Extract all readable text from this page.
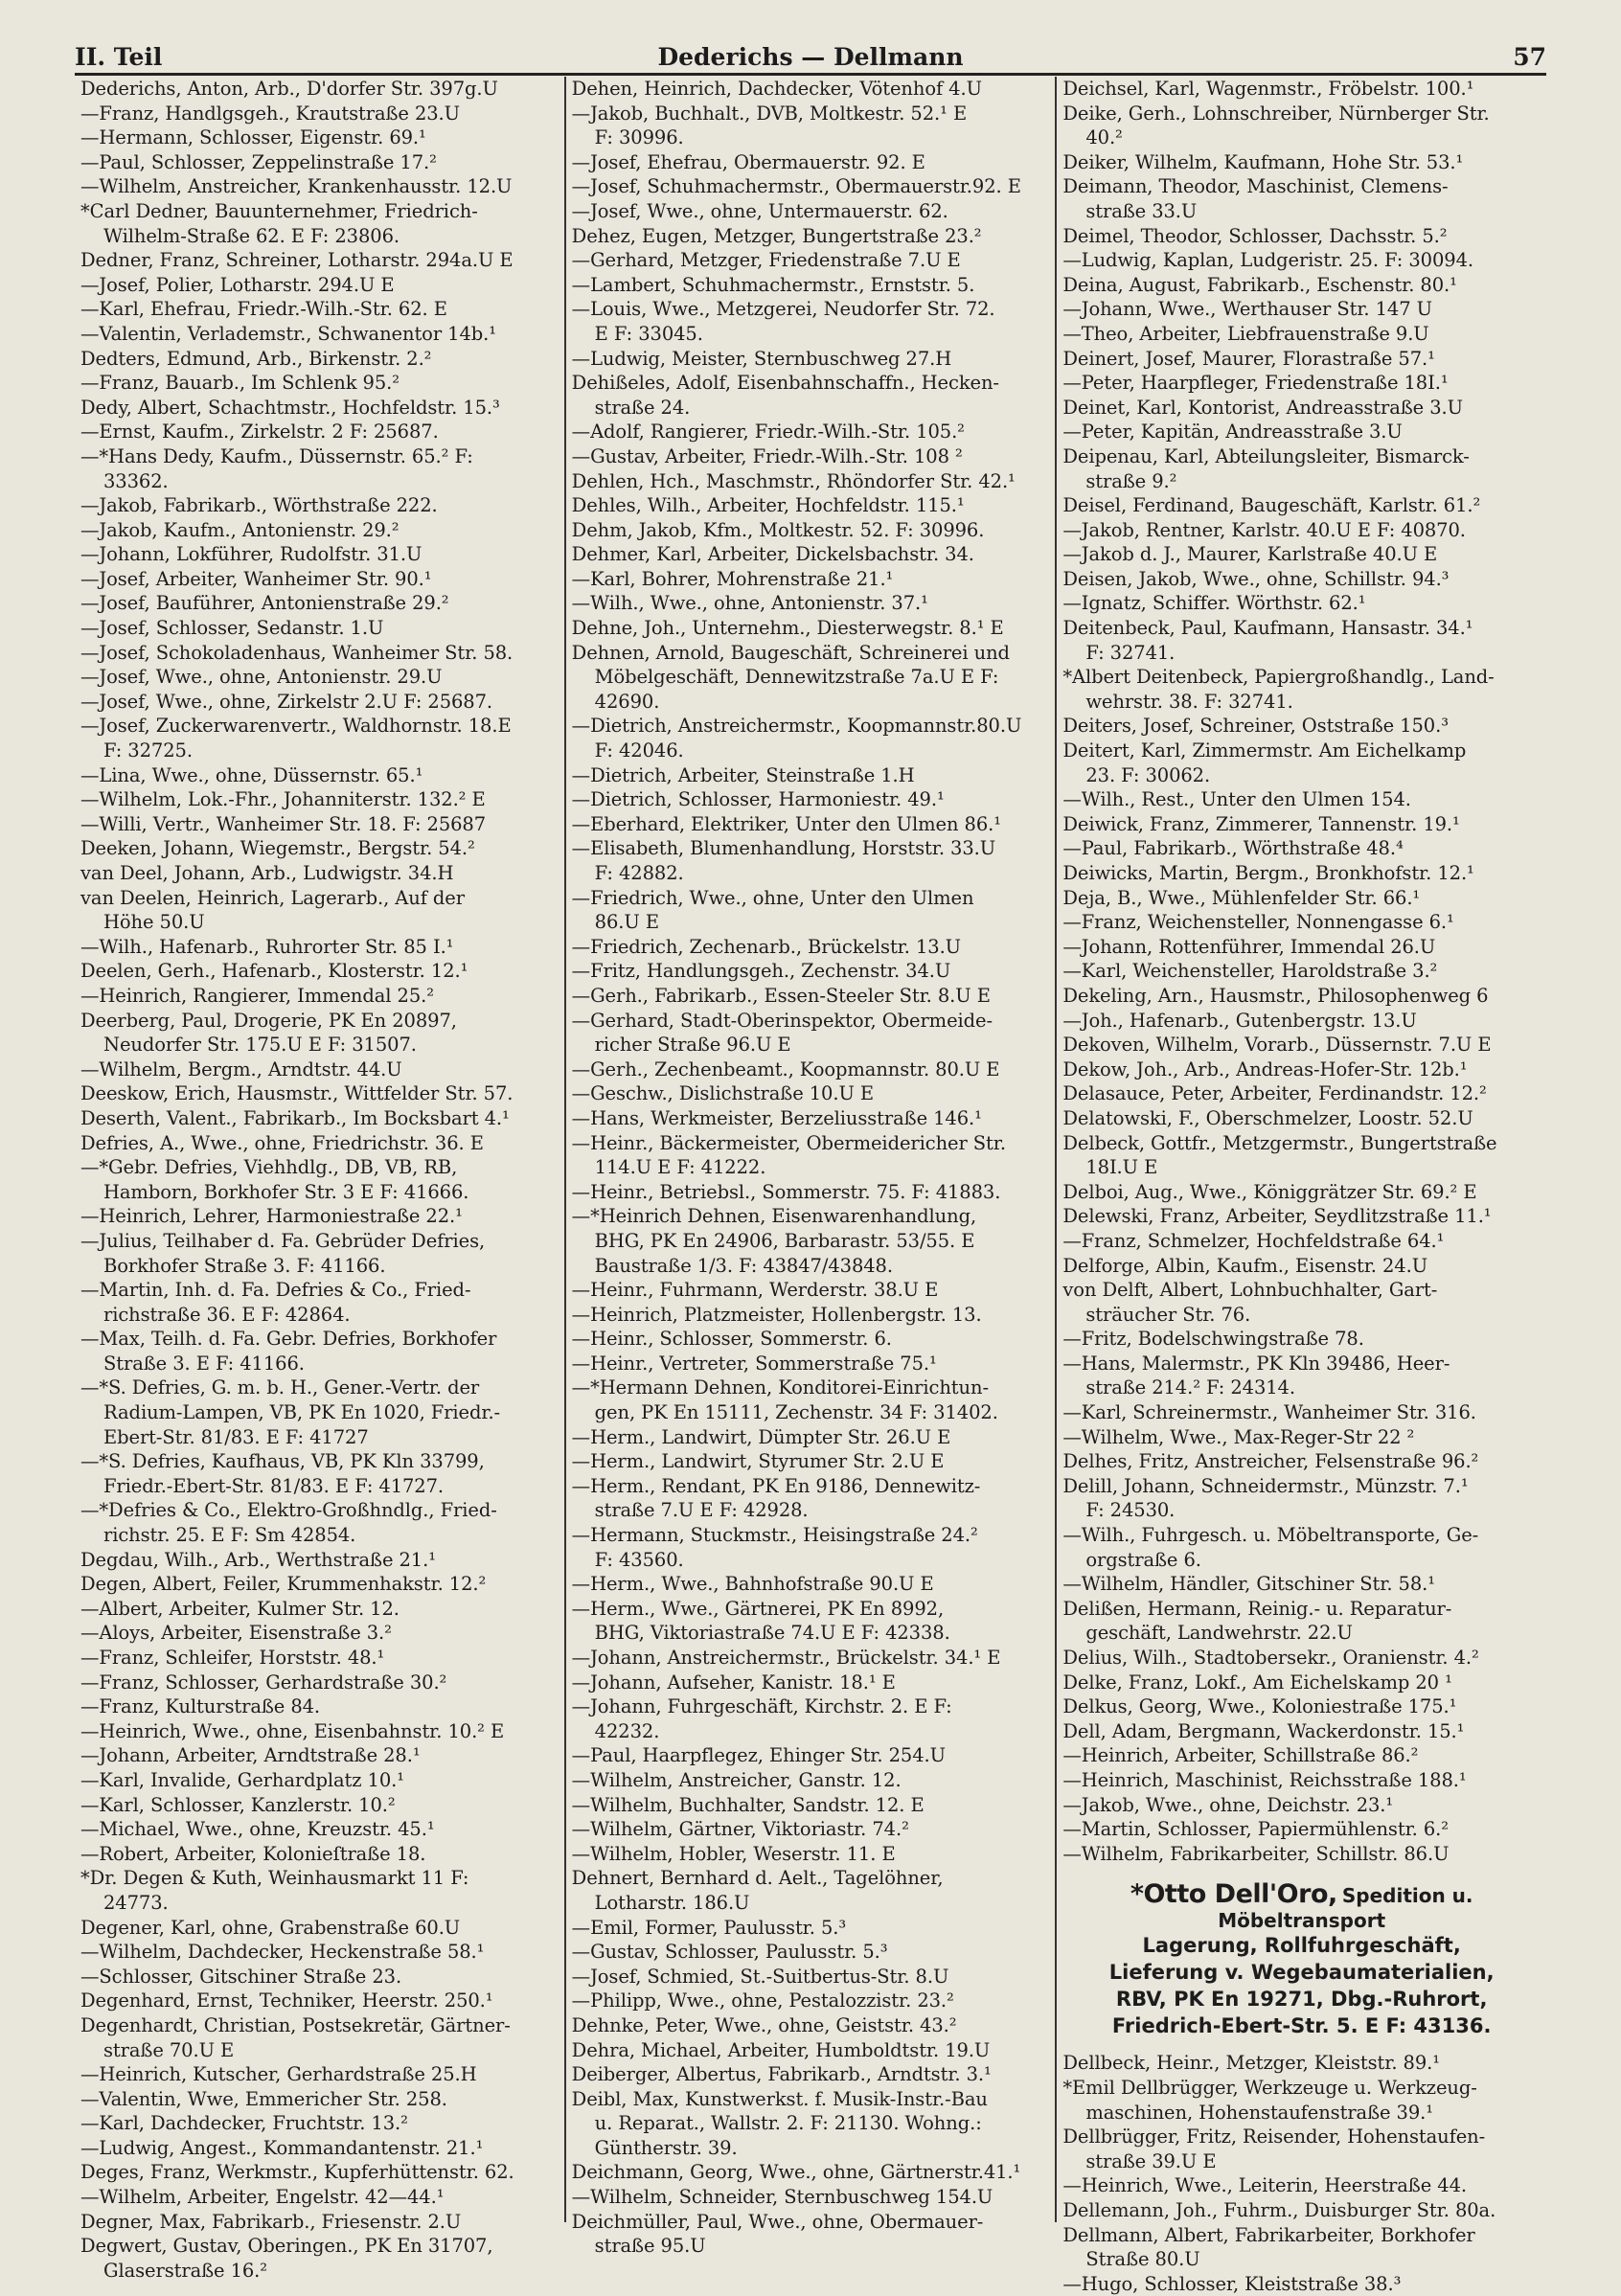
II. Teil	Dederichs — Dellmann	57
Dederichs, Anton, Arb., D'dorfer Str. 397g.U
—Franz, Handlgsgeh., Krautstraße 23.U
—Hermann, Schlosser, Eigenstr. 69.¹
—Paul, Schlosser, Zeppelinstraße 17.²
—Wilhelm, Anstreicher, Krankenhausstr. 12.U
*Carl Dedner, Bauunternehmer, Friedrich-
Wilhelm-Straße 62. E F: 23806.
Dedner, Franz, Schreiner, Lotharstr. 294a.U E
—Josef, Polier, Lotharstr. 294.U E
—Karl, Ehefrau, Friedr.-Wilh.-Str. 62. E
—Valentin, Verlademstr., Schwanentor 14b.¹
Dedters, Edmund, Arb., Birkenstr. 2.²
—Franz, Bauarb., Im Schlenk 95.²
Dedy, Albert, Schachtmstr., Hochfeldstr. 15.³
—Ernst, Kaufm., Zirkelstr. 2 F: 25687.
—*Hans Dedy, Kaufm., Düssernstr. 65.² F:
33362.
—Jakob, Fabrikarb., Wörthstraße 222.
—Jakob, Kaufm., Antonienstr. 29.²
—Johann, Lokführer, Rudolfstr. 31.U
—Josef, Arbeiter, Wanheimer Str. 90.¹
—Josef, Bauführer, Antonienstraße 29.²
—Josef, Schlosser, Sedanstr. 1.U
—Josef, Schokoladenhaus, Wanheimer Str. 58.
—Josef, Wwe., ohne, Antonienstr. 29.U
—Josef, Wwe., ohne, Zirkelstr 2.U F: 25687.
—Josef, Zuckerwarenvertr., Waldhornstr. 18.E
F: 32725.
—Lina, Wwe., ohne, Düssernstr. 65.¹
—Wilhelm, Lok.-Fhr., Johanniterstr. 132.² E
—Willi, Vertr., Wanheimer Str. 18. F: 25687
Deeken, Johann, Wiegemstr., Bergstr. 54.²
van Deel, Johann, Arb., Ludwigstr. 34.H
van Deelen, Heinrich, Lagerarb., Auf der
Höhe 50.U
—Wilh., Hafenarb., Ruhrorter Str. 85 I.¹
Deelen, Gerh., Hafenarb., Klosterstr. 12.¹
—Heinrich, Rangierer, Immendal 25.²
Deerberg, Paul, Drogerie, PK En 20897,
Neudorfer Str. 175.U E F: 31507.
—Wilhelm, Bergm., Arndtstr. 44.U
Deeskow, Erich, Hausmstr., Wittfelder Str. 57.
Deserth, Valent., Fabrikarb., Im Bocksbart 4.¹
Defries, A., Wwe., ohne, Friedrichstr. 36. E
—*Gebr. Defries, Viehhdlg., DB, VB, RB,
Hamborn, Borkhofer Str. 3 E F: 41666.
—Heinrich, Lehrer, Harmoniestraße 22.¹
—Julius, Teilhaber d. Fa. Gebrüder Defries,
Borkhofer Straße 3. F: 41166.
—Martin, Inh. d. Fa. Defries & Co., Fried-
richstraße 36. E F: 42864.
—Max, Teilh. d. Fa. Gebr. Defries, Borkhofer
Straße 3. E F: 41166.
—*S. Defries, G. m. b. H., Gener.-Vertr. der
Radium-Lampen, VB, PK En 1020, Friedr.-
Ebert-Str. 81/83. E F: 41727
—*S. Defries, Kaufhaus, VB, PK Kln 33799,
Friedr.-Ebert-Str. 81/83. E F: 41727.
—*Defries & Co., Elektro-Großhndlg., Fried-
richstr. 25. E F: Sm 42854.
Degdau, Wilh., Arb., Werthstraße 21.¹
Degen, Albert, Feiler, Krummenhakstr. 12.²
—Albert, Arbeiter, Kulmer Str. 12.
—Aloys, Arbeiter, Eisenstraße 3.²
—Franz, Schleifer, Horststr. 48.¹
—Franz, Schlosser, Gerhardstraße 30.²
—Franz, Kulturstraße 84.
—Heinrich, Wwe., ohne, Eisenbahnstr. 10.² E
—Johann, Arbeiter, Arndtstraße 28.¹
—Karl, Invalide, Gerhardplatz 10.¹
—Karl, Schlosser, Kanzlerstr. 10.²
—Michael, Wwe., ohne, Kreuzstr. 45.¹
—Robert, Arbeiter, Kolonieſtraße 18.
*Dr. Degen & Kuth, Weinhausmarkt 11 F:
24773.
Degener, Karl, ohne, Grabenstraße 60.U
—Wilhelm, Dachdecker, Heckenstraße 58.¹
—Schlosser, Gitschiner Straße 23.
Degenhard, Ernst, Techniker, Heerstr. 250.¹
Degenhardt, Christian, Postsekretär, Gärtner-
straße 70.U E
—Heinrich, Kutscher, Gerhardstraße 25.H
—Valentin, Wwe, Emmericher Str. 258.
—Karl, Dachdecker, Fruchtstr. 13.²
—Ludwig, Angest., Kommandantenstr. 21.¹
Deges, Franz, Werkmstr., Kupferhüttenstr. 62.
—Wilhelm, Arbeiter, Engelstr. 42—44.¹
Degner, Max, Fabrikarb., Friesenstr. 2.U
Degwert, Gustav, Oberingen., PK En 31707,
Glaserstraße 16.²
Dehen, Heinrich, Dachdecker, Vötenhof 4.U
—Jakob, Buchhalt., DVB, Moltkestr. 52.¹ E
F: 30996.
—Josef, Ehefrau, Obermauerstr. 92. E
—Josef, Schuhmachermstr., Obermauerstr.92. E
—Josef, Wwe., ohne, Untermauerstr. 62.
Dehez, Eugen, Metzger, Bungertstraße 23.²
—Gerhard, Metzger, Friedenstraße 7.U E
—Lambert, Schuhmachermstr., Ernststr. 5.
—Louis, Wwe., Metzgerei, Neudorfer Str. 72.
E F: 33045.
—Ludwig, Meister, Sternbuschweg 27.H
Dehißeles, Adolf, Eisenbahnschaffn., Hecken-
straße 24.
—Adolf, Rangierer, Friedr.-Wilh.-Str. 105.²
—Gustav, Arbeiter, Friedr.-Wilh.-Str. 108 ²
Dehlen, Hch., Maschmstr., Rhöndorfer Str. 42.¹
Dehles, Wilh., Arbeiter, Hochfeldstr. 115.¹
Dehm, Jakob, Kfm., Moltkestr. 52. F: 30996.
Dehmer, Karl, Arbeiter, Dickelsbachstr. 34.
—Karl, Bohrer, Mohrenstraße 21.¹
—Wilh., Wwe., ohne, Antonienstr. 37.¹
Dehne, Joh., Unternehm., Diesterwegstr. 8.¹ E
Dehnen, Arnold, Baugeschäft, Schreinerei und
Möbelgeschäft, Dennewitzstraße 7a.U E F:
42690.
—Dietrich, Anstreichermstr., Koopmannstr.80.U
F: 42046.
—Dietrich, Arbeiter, Steinstraße 1.H
—Dietrich, Schlosser, Harmoniestr. 49.¹
—Eberhard, Elektriker, Unter den Ulmen 86.¹
—Elisabeth, Blumenhandlung, Horststr. 33.U
F: 42882.
—Friedrich, Wwe., ohne, Unter den Ulmen
86.U E
—Friedrich, Zechenarb., Brückelstr. 13.U
—Fritz, Handlungsgeh., Zechenstr. 34.U
—Gerh., Fabrikarb., Essen-Steeler Str. 8.U E
—Gerhard, Stadt-Oberinspektor, Obermeide-
richer Straße 96.U E
—Gerh., Zechenbeamt., Koopmannstr. 80.U E
—Geschw., Dislichstraße 10.U E
—Hans, Werkmeister, Berzeliusstraße 146.¹
—Heinr., Bäckermeister, Obermeidericher Str.
114.U E F: 41222.
—Heinr., Betriebsl., Sommerstr. 75. F: 41883.
—*Heinrich Dehnen, Eisenwarenhandlung,
BHG, PK En 24906, Barbarastr. 53/55. E
Baustraße 1/3. F: 43847/43848.
—Heinr., Fuhrmann, Werderstr. 38.U E
—Heinrich, Platzmeister, Hollenbergstr. 13.
—Heinr., Schlosser, Sommerstr. 6.
—Heinr., Vertreter, Sommerstraße 75.¹
—*Hermann Dehnen, Konditorei-Einrichtun-
gen, PK En 15111, Zechenstr. 34 F: 31402.
—Herm., Landwirt, Dümpter Str. 26.U E
—Herm., Landwirt, Styrumer Str. 2.U E
—Herm., Rendant, PK En 9186, Dennewitz-
straße 7.U E F: 42928.
—Hermann, Stuckmstr., Heisingstraße 24.²
F: 43560.
—Herm., Wwe., Bahnhofstraße 90.U E
—Herm., Wwe., Gärtnerei, PK En 8992,
BHG, Viktoriastraße 74.U E F: 42338.
—Johann, Anstreichermstr., Brückelstr. 34.¹ E
—Johann, Aufseher, Kanistr. 18.¹ E
—Johann, Fuhrgeschäft, Kirchstr. 2. E F:
42232.
—Paul, Haarpflegez, Ehinger Str. 254.U
—Wilhelm, Anstreicher, Ganstr. 12.
—Wilhelm, Buchhalter, Sandstr. 12. E
—Wilhelm, Gärtner, Viktoriastr. 74.²
—Wilhelm, Hobler, Weserstr. 11. E
Dehnert, Bernhard d. Aelt., Tagelöhner,
Lotharstr. 186.U
—Emil, Former, Paulusstr. 5.³
—Gustav, Schlosser, Paulusstr. 5.³
—Josef, Schmied, St.-Suitbertus-Str. 8.U
—Philipp, Wwe., ohne, Pestalozzistr. 23.²
Dehnke, Peter, Wwe., ohne, Geiststr. 43.²
Dehra, Michael, Arbeiter, Humboldtstr. 19.U
Deiberger, Albertus, Fabrikarb., Arndtstr. 3.¹
Deibl, Max, Kunstwerkst. f. Musik-Instr.-Bau
u. Reparat., Wallstr. 2. F: 21130. Wohng.:
Güntherstr. 39.
Deichmann, Georg, Wwe., ohne, Gärtnerstr.41.¹
—Wilhelm, Schneider, Sternbuschweg 154.U
Deichmüller, Paul, Wwe., ohne, Obermauer-
straße 95.U
Deichsel, Karl, Wagenmstr., Fröbelstr. 100.¹
Deike, Gerh., Lohnschreiber, Nürnberger Str.
40.²
Deiker, Wilhelm, Kaufmann, Hohe Str. 53.¹
Deimann, Theodor, Maschinist, Clemens-
straße 33.U
Deimel, Theodor, Schlosser, Dachsstr. 5.²
—Ludwig, Kaplan, Ludgeristr. 25. F: 30094.
Deina, August, Fabrikarb., Eschenstr. 80.¹
—Johann, Wwe., Werthauser Str. 147 U
—Theo, Arbeiter, Liebfrauenstraße 9.U
Deinert, Josef, Maurer, Florastraße 57.¹
—Peter, Haarpfleger, Friedenstraße 18I.¹
Deinet, Karl, Kontorist, Andreasstraße 3.U
—Peter, Kapitän, Andreasstraße 3.U
Deipenau, Karl, Abteilungsleiter, Bismarck-
straße 9.²
Deisel, Ferdinand, Baugeschäft, Karlstr. 61.²
—Jakob, Rentner, Karlstr. 40.U E F: 40870.
—Jakob d. J., Maurer, Karlstraße 40.U E
Deisen, Jakob, Wwe., ohne, Schillstr. 94.³
—Ignatz, Schiffer. Wörthstr. 62.¹
Deitenbeck, Paul, Kaufmann, Hansastr. 34.¹
F: 32741.
*Albert Deitenbeck, Papiergroßhandlg., Land-
wehrstr. 38. F: 32741.
Deiters, Josef, Schreiner, Oststraße 150.³
Deitert, Karl, Zimmermstr. Am Eichelkamp
23. F: 30062.
—Wilh., Rest., Unter den Ulmen 154.
Deiwick, Franz, Zimmerer, Tannenstr. 19.¹
—Paul, Fabrikarb., Wörthstraße 48.⁴
Deiwicks, Martin, Bergm., Bronkhofstr. 12.¹
Deja, B., Wwe., Mühlenfelder Str. 66.¹
—Franz, Weichensteller, Nonnengasse 6.¹
—Johann, Rottenführer, Immendal 26.U
—Karl, Weichensteller, Haroldstraße 3.²
Dekeling, Arn., Hausmstr., Philosophenweg 6
—Joh., Hafenarb., Gutenbergstr. 13.U
Dekoven, Wilhelm, Vorarb., Düssernstr. 7.U E
Dekow, Joh., Arb., Andreas-Hofer-Str. 12b.¹
Delasauce, Peter, Arbeiter, Ferdinandstr. 12.²
Delatowski, F., Oberschmelzer, Loostr. 52.U
Delbeck, Gottfr., Metzgermstr., Bungertstraße
18I.U E
Delboi, Aug., Wwe., Königgrätzer Str. 69.² E
Delewski, Franz, Arbeiter, Seydlitzstraße 11.¹
—Franz, Schmelzer, Hochfeldstraße 64.¹
Delforge, Albin, Kaufm., Eisenstr. 24.U
von Delft, Albert, Lohnbuchhalter, Gart-
sträucher Str. 76.
—Fritz, Bodelschwingstraße 78.
—Hans, Malermstr., PK Kln 39486, Heer-
straße 214.² F: 24314.
—Karl, Schreinermstr., Wanheimer Str. 316.
—Wilhelm, Wwe., Max-Reger-Str 22 ²
Delhes, Fritz, Anstreicher, Felsenstraße 96.²
Delill, Johann, Schneidermstr., Münzstr. 7.¹
F: 24530.
—Wilh., Fuhrgesch. u. Möbeltransporte, Ge-
orgstraße 6.
—Wilhelm, Händler, Gitschiner Str. 58.¹
Delißen, Hermann, Reinig.- u. Reparatur-
geschäft, Landwehrstr. 22.U
Delius, Wilh., Stadtobersekr., Oranienstr. 4.²
Delke, Franz, Lokf., Am Eichelskamp 20 ¹
Delkus, Georg, Wwe., Koloniestraße 175.¹
Dell, Adam, Bergmann, Wackerdonstr. 15.¹
—Heinrich, Arbeiter, Schillstraße 86.²
—Heinrich, Maschinist, Reichsstraße 188.¹
—Jakob, Wwe., ohne, Deichstr. 23.¹
—Martin, Schlosser, Papiermühlenstr. 6.²
—Wilhelm, Fabrikarbeiter, Schillstr. 86.U
*Otto Dell'Oro, Spedition u. Möbeltransport
Lagerung, Rollfuhrgeschäft,
Lieferung v. Wegebaumaterialien,
RBV, PK En 19271, Dbg.-Ruhrort,
Friedrich-Ebert-Str. 5. E F: 43136.
Dellbeck, Heinr., Metzger, Kleiststr. 89.¹
*Emil Dellbrügger, Werkzeuge u. Werkzeug-
maschinen, Hohenstaufenstraße 39.¹
Dellbrügger, Fritz, Reisender, Hohenstaufen-
straße 39.U E
—Heinrich, Wwe., Leiterin, Heerstraße 44.
Dellemann, Joh., Fuhrm., Duisburger Str. 80a.
Dellmann, Albert, Fabrikarbeiter, Borkhofer
Straße 80.U
—Hugo, Schlosser, Kleiststraße 38.³
